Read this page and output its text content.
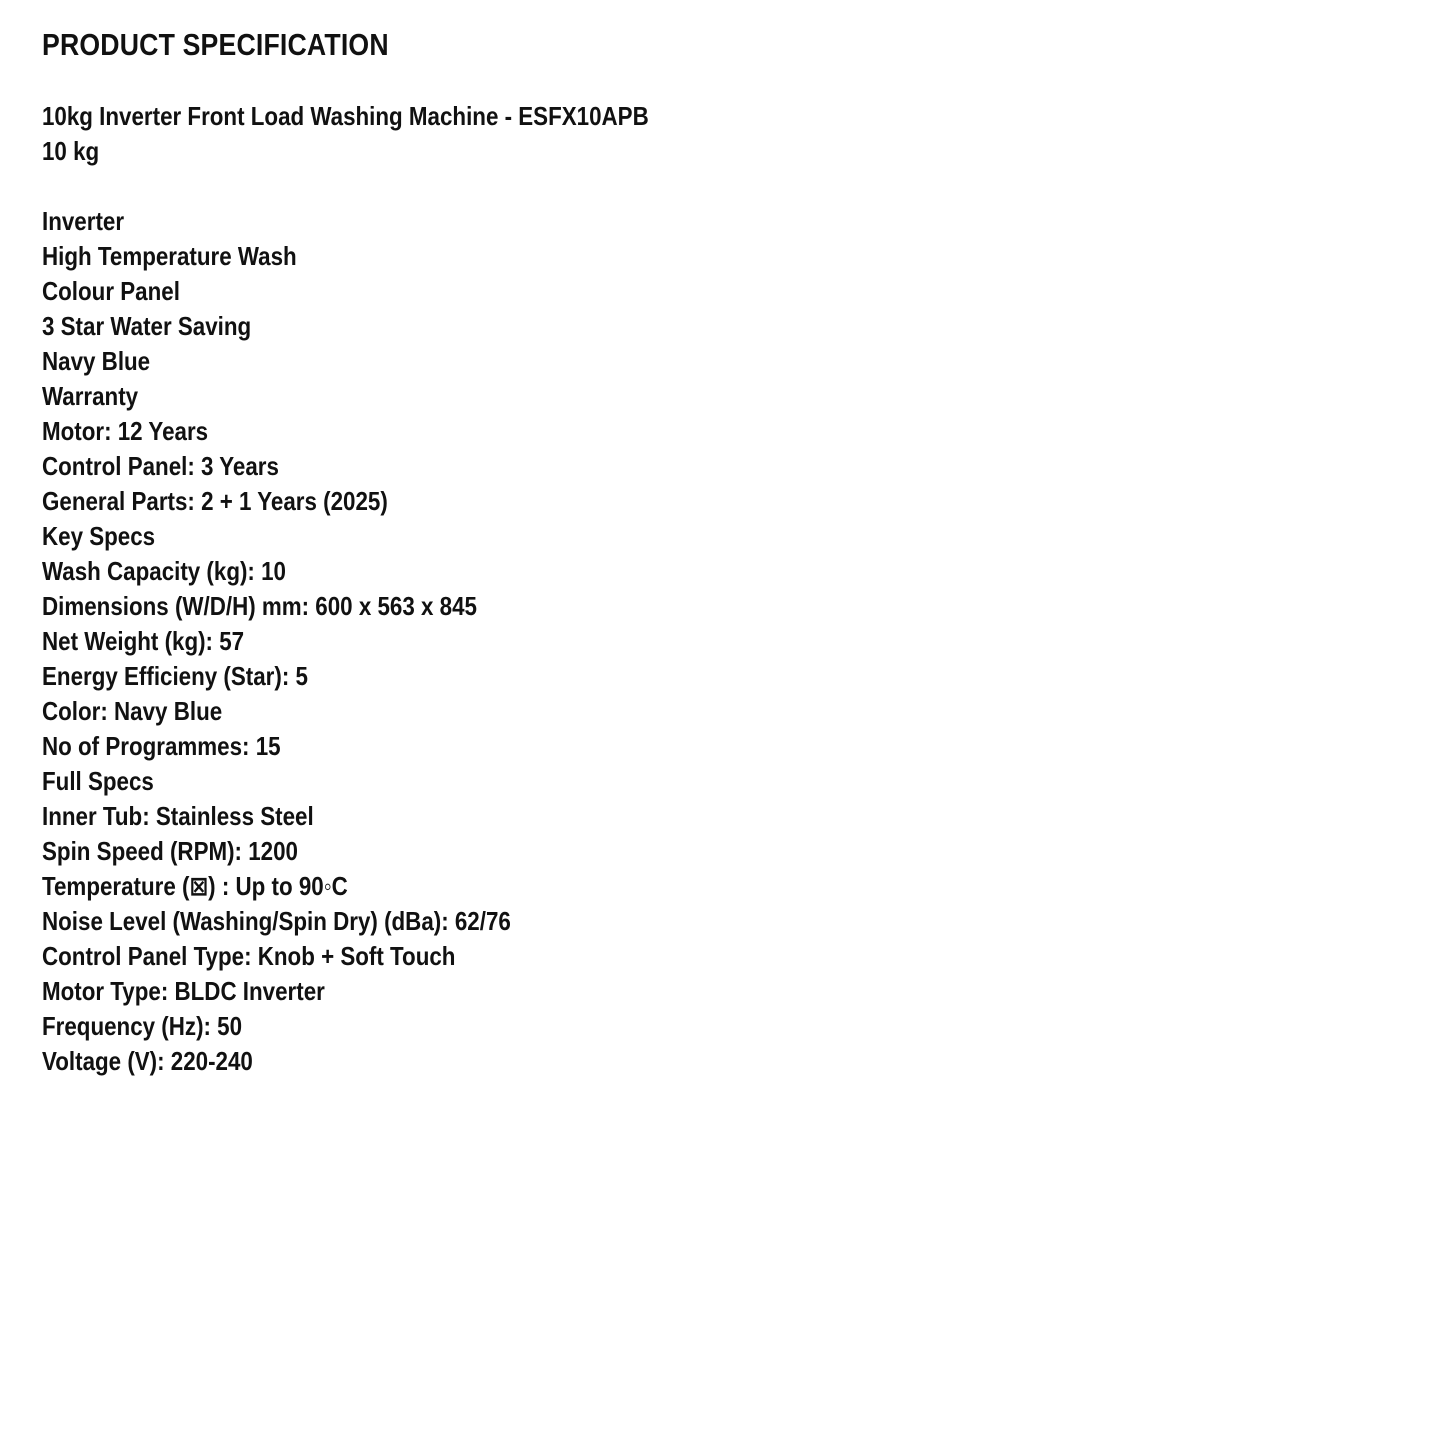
PRODUCT SPECIFICATION
10kg Inverter Front Load Washing Machine - ESFX10APB
10 kg
Inverter
High Temperature Wash
Colour Panel
3 Star Water Saving
Navy Blue
Warranty
Motor: 12 Years
Control Panel: 3 Years
General Parts: 2 + 1 Years (2025)
Key Specs
Wash Capacity (kg): 10
Dimensions (W/D/H) mm: 600 x 563 x 845
Net Weight (kg): 57
Energy Efficieny (Star): 5
Color: Navy Blue
No of Programmes: 15
Full Specs
Inner Tub: Stainless Steel
Spin Speed (RPM): 1200
Temperature (⊠) : Up to 90◦C
Noise Level (Washing/Spin Dry) (dBa): 62/76
Control Panel Type: Knob + Soft Touch
Motor Type: BLDC Inverter
Frequency (Hz): 50
Voltage (V): 220-240
